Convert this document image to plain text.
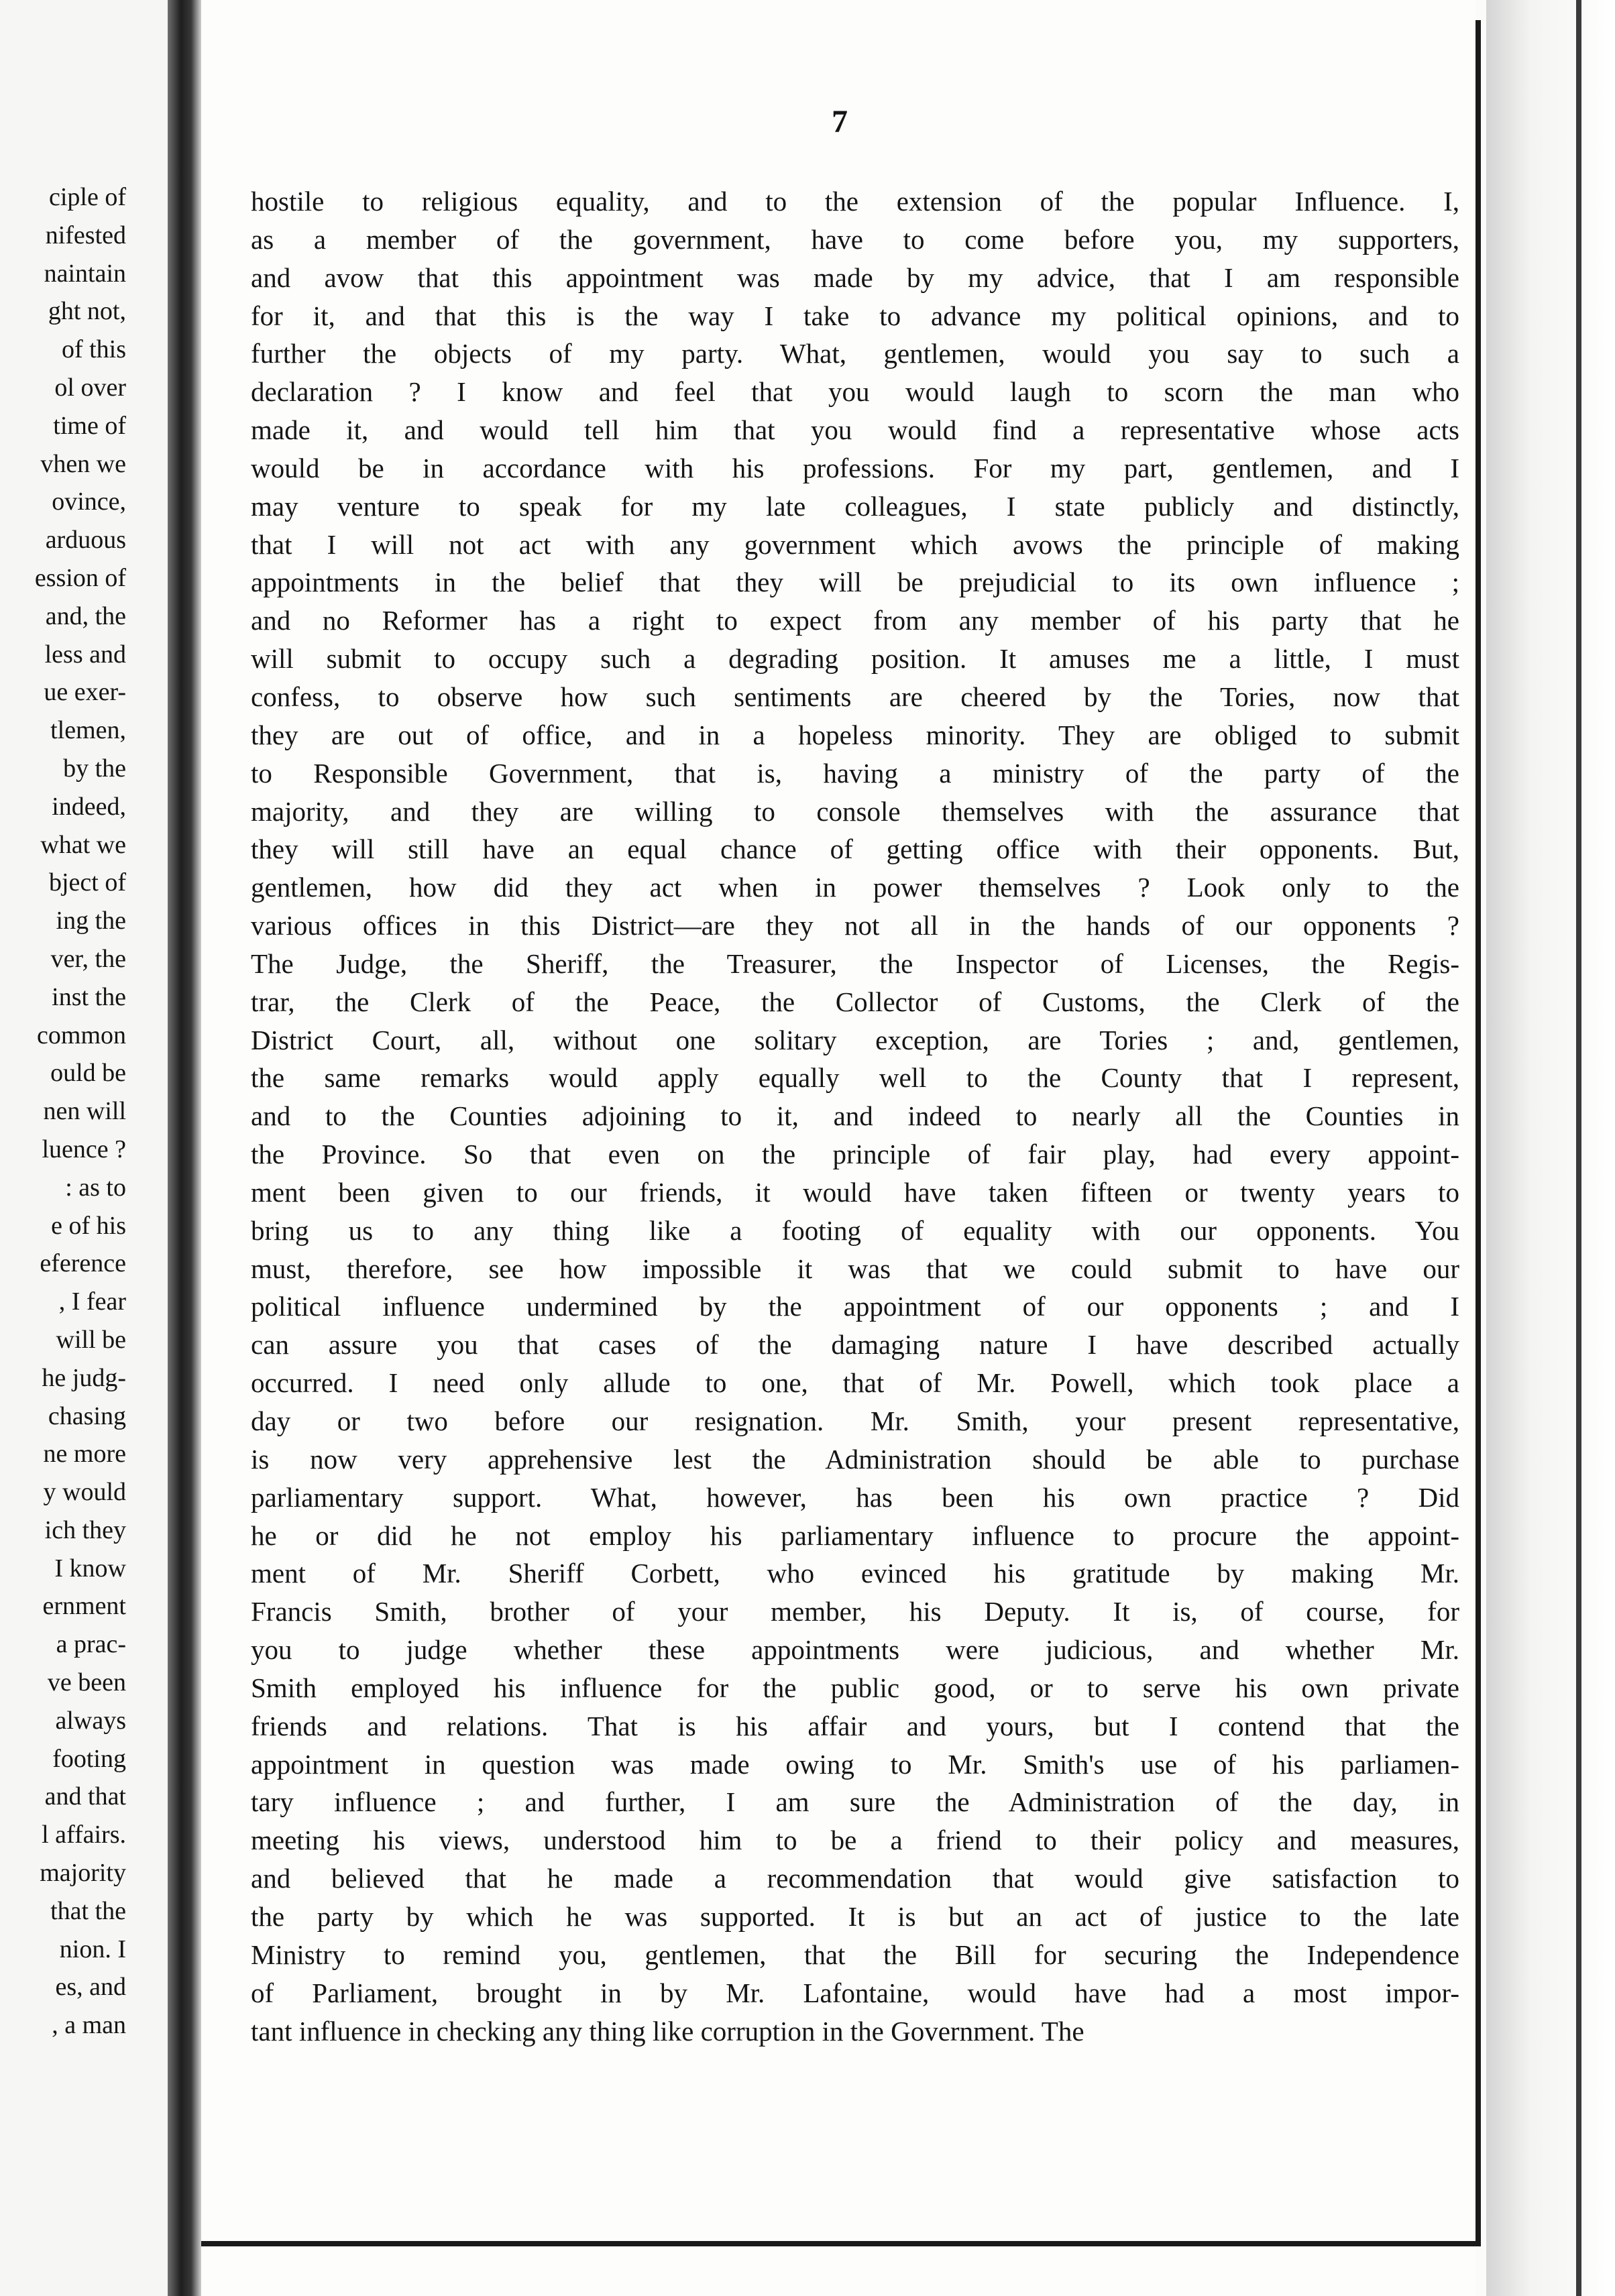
ciple of
nifested
naintain
ght not,
of this
ol over
time of
vhen we
ovince,
arduous
ession of
and, the
less and
ue exer-
tlemen,
by the
indeed,
what we
bject of
ing the
ver, the
inst the
common
ould be
nen will
luence ?
: as to
e of his
eference
, I fear
will be
he judg-
chasing
ne more
y would
ich they
I know
ernment
a prac-
ve been
always
footing
and that
l affairs.
majority
that the
nion. I
es, and
, a man
7
hostile to religious equality, and to the extension of the popular Influence. I,
as a member of the government, have to come before you, my supporters,
and avow that this appointment was made by my advice, that I am responsible
for it, and that this is the way I take to advance my political opinions, and to
further the objects of my party. What, gentlemen, would you say to such a
declaration ? I know and feel that you would laugh to scorn the man who
made it, and would tell him that you would find a representative whose acts
would be in accordance with his professions. For my part, gentlemen, and I
may venture to speak for my late colleagues, I state publicly and distinctly,
that I will not act with any government which avows the principle of making
appointments in the belief that they will be prejudicial to its own influence ;
and no Reformer has a right to expect from any member of his party that he
will submit to occupy such a degrading position. It amuses me a little, I must
confess, to observe how such sentiments are cheered by the Tories, now that
they are out of office, and in a hopeless minority. They are obliged to submit
to Responsible Government, that is, having a ministry of the party of the
majority, and they are willing to console themselves with the assurance that
they will still have an equal chance of getting office with their opponents. But,
gentlemen, how did they act when in power themselves ? Look only to the
various offices in this District—are they not all in the hands of our opponents ?
The Judge, the Sheriff, the Treasurer, the Inspector of Licenses, the Regis-
trar, the Clerk of the Peace, the Collector of Customs, the Clerk of the
District Court, all, without one solitary exception, are Tories ; and, gentlemen,
the same remarks would apply equally well to the County that I represent,
and to the Counties adjoining to it, and indeed to nearly all the Counties in
the Province. So that even on the principle of fair play, had every appoint-
ment been given to our friends, it would have taken fifteen or twenty years to
bring us to any thing like a footing of equality with our opponents. You
must, therefore, see how impossible it was that we could submit to have our
political influence undermined by the appointment of our opponents ; and I
can assure you that cases of the damaging nature I have described actually
occurred. I need only allude to one, that of Mr. Powell, which took place a
day or two before our resignation. Mr. Smith, your present representative,
is now very apprehensive lest the Administration should be able to purchase
parliamentary support. What, however, has been his own practice ? Did
he or did he not employ his parliamentary influence to procure the appoint-
ment of Mr. Sheriff Corbett, who evinced his gratitude by making Mr.
Francis Smith, brother of your member, his Deputy. It is, of course, for
you to judge whether these appointments were judicious, and whether Mr.
Smith employed his influence for the public good, or to serve his own private
friends and relations. That is his affair and yours, but I contend that the
appointment in question was made owing to Mr. Smith's use of his parliamen-
tary influence ; and further, I am sure the Administration of the day, in
meeting his views, understood him to be a friend to their policy and measures,
and believed that he made a recommendation that would give satisfaction to
the party by which he was supported. It is but an act of justice to the late
Ministry to remind you, gentlemen, that the Bill for securing the Independence
of Parliament, brought in by Mr. Lafontaine, would have had a most impor-
tant influence in checking any thing like corruption in the Government. The
